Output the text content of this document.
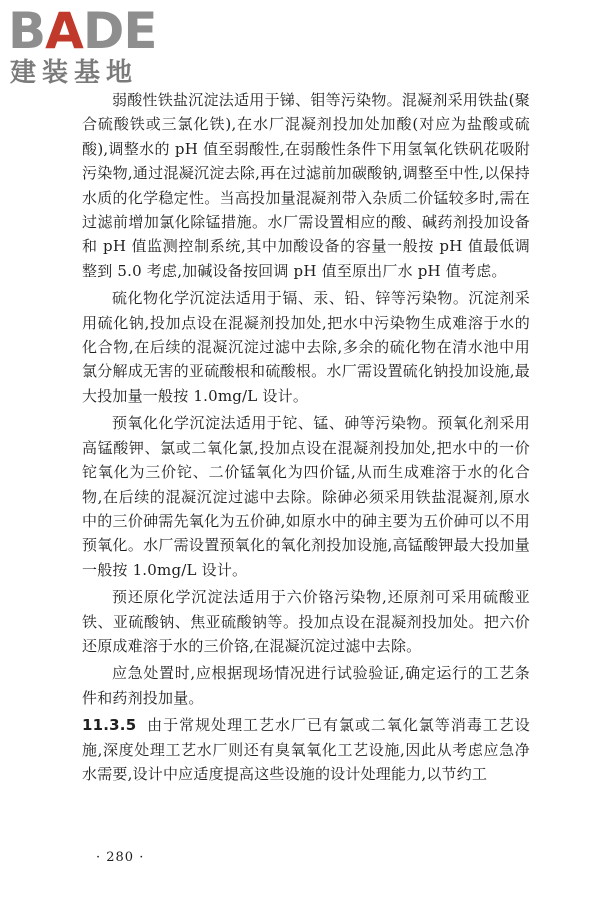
BADE
建装基地

弱酸性铁盐沉淀法适用于锑、钼等污染物。混凝剂采用铁盐(聚合硫酸铁或三氯化铁),在水厂混凝剂投加处加酸(对应为盐酸或硫酸),调整水的 pH 值至弱酸性,在弱酸性条件下用氢氧化铁矾花吸附污染物,通过混凝沉淀去除,再在过滤前加碳酸钠,调整至中性,以保持水质的化学稳定性。当高投加量混凝剂带入杂质二价锰较多时,需在过滤前增加氯化除锰措施。水厂需设置相应的酸、碱药剂投加设备和 pH 值监测控制系统,其中加酸设备的容量一般按 pH 值最低调整到 5.0 考虑,加碱设备按回调 pH 值至原出厂水 pH 值考虑。

硫化物化学沉淀法适用于镉、汞、铅、锌等污染物。沉淀剂采用硫化钠,投加点设在混凝剂投加处,把水中污染物生成难溶于水的化合物,在后续的混凝沉淀过滤中去除,多余的硫化物在清水池中用氯分解成无害的亚硫酸根和硫酸根。水厂需设置硫化钠投加设施,最大投加量一般按 1.0mg/L 设计。

预氧化化学沉淀法适用于铊、锰、砷等污染物。预氧化剂采用高锰酸钾、氯或二氧化氯,投加点设在混凝剂投加处,把水中的一价铊氧化为三价铊、二价锰氧化为四价锰,从而生成难溶于水的化合物,在后续的混凝沉淀过滤中去除。除砷必须采用铁盐混凝剂,原水中的三价砷需先氧化为五价砷,如原水中的砷主要为五价砷可以不用预氧化。水厂需设置预氧化的氧化剂投加设施,高锰酸钾最大投加量一般按 1.0mg/L 设计。

预还原化学沉淀法适用于六价铬污染物,还原剂可采用硫酸亚铁、亚硫酸钠、焦亚硫酸钠等。投加点设在混凝剂投加处。把六价还原成难溶于水的三价铬,在混凝沉淀过滤中去除。

应急处置时,应根据现场情况进行试验验证,确定运行的工艺条件和药剂投加量。

11.3.5 由于常规处理工艺水厂已有氯或二氧化氯等消毒工艺设施,深度处理工艺水厂则还有臭氧氧化工艺设施,因此从考虑应急净水需要,设计中应适度提高这些设施的设计处理能力,以节约工

· 280 ·
